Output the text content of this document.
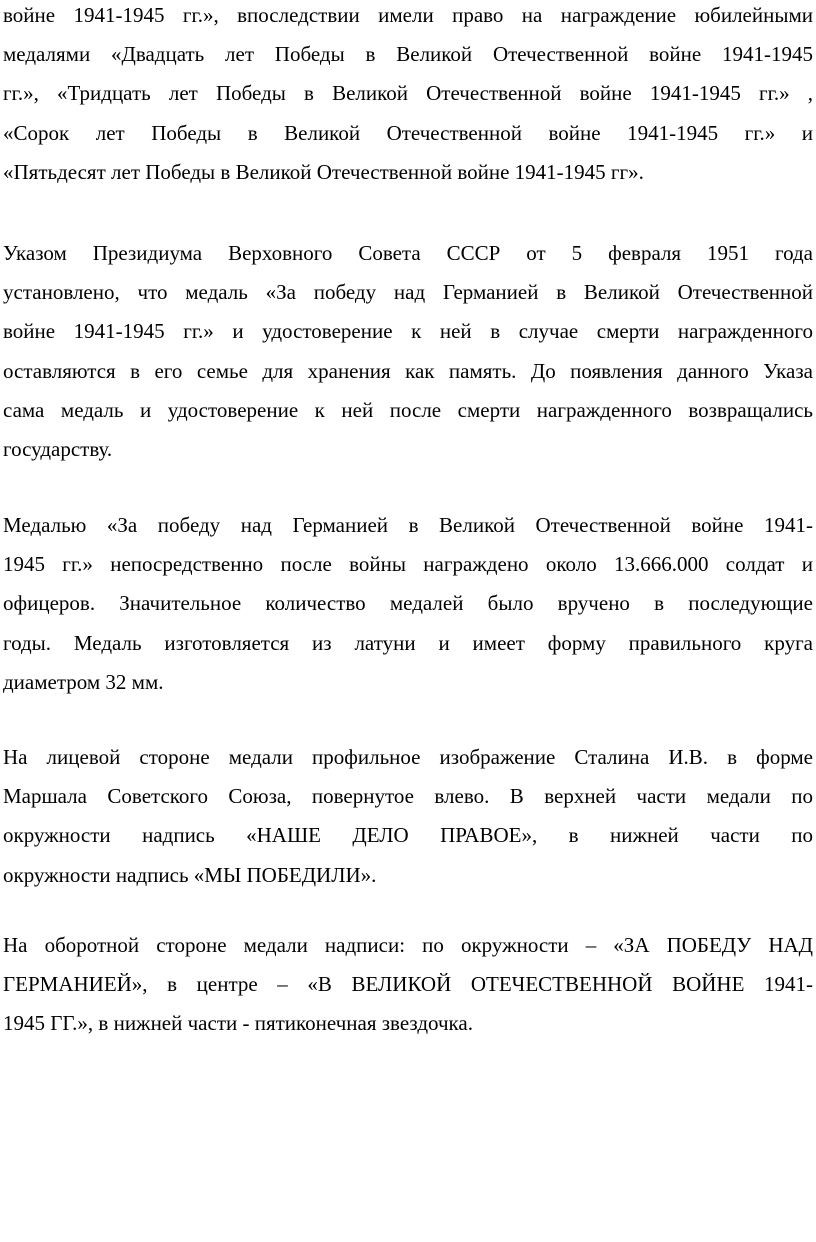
войне 1941-1945 гг.», впоследствии имели право на награждение юбилейными
медалями «Двадцать лет Победы в Великой Отечественной войне 1941-1945
гг.», «Тридцать лет Победы в Великой Отечественной войне 1941-1945 гг.» ,
«Сорок лет Победы в Великой Отечественной войне 1941-1945 гг.» и
«Пятьдесят лет Победы в Великой Отечественной войне 1941-1945 гг».
Указом Президиума Верховного Совета СССР от 5 февраля 1951 года
установлено, что медаль «За победу над Германией в Великой Отечественной
войне 1941-1945 гг.» и удостоверение к ней в случае смерти награжденного
оставляются в его семье для хранения как память. До появления данного Указа
сама медаль и удостоверение к ней после смерти награжденного возвращались
государству.
Медалью «За победу над Германией в Великой Отечественной войне 1941-
1945 гг.» непосредственно после войны награждено около 13.666.000 солдат и
офицеров. Значительное количество медалей было вручено в последующие
годы. Медаль изготовляется из латуни и имеет форму правильного круга
диаметром 32 мм.
На лицевой стороне медали профильное изображение Сталина И.В. в форме
Маршала Советского Союза, повернутое влево. В верхней части медали по
окружности надпись «НАШЕ ДЕЛО ПРАВОЕ», в нижней части по
окружности надпись «МЫ ПОБЕДИЛИ».
На оборотной стороне медали надписи: по окружности – «ЗА ПОБЕДУ НАД
ГЕРМАНИЕЙ», в центре – «В ВЕЛИКОЙ ОТЕЧЕСТВЕННОЙ ВОЙНЕ 1941-
1945 ГГ.», в нижней части - пятиконечная звездочка.
